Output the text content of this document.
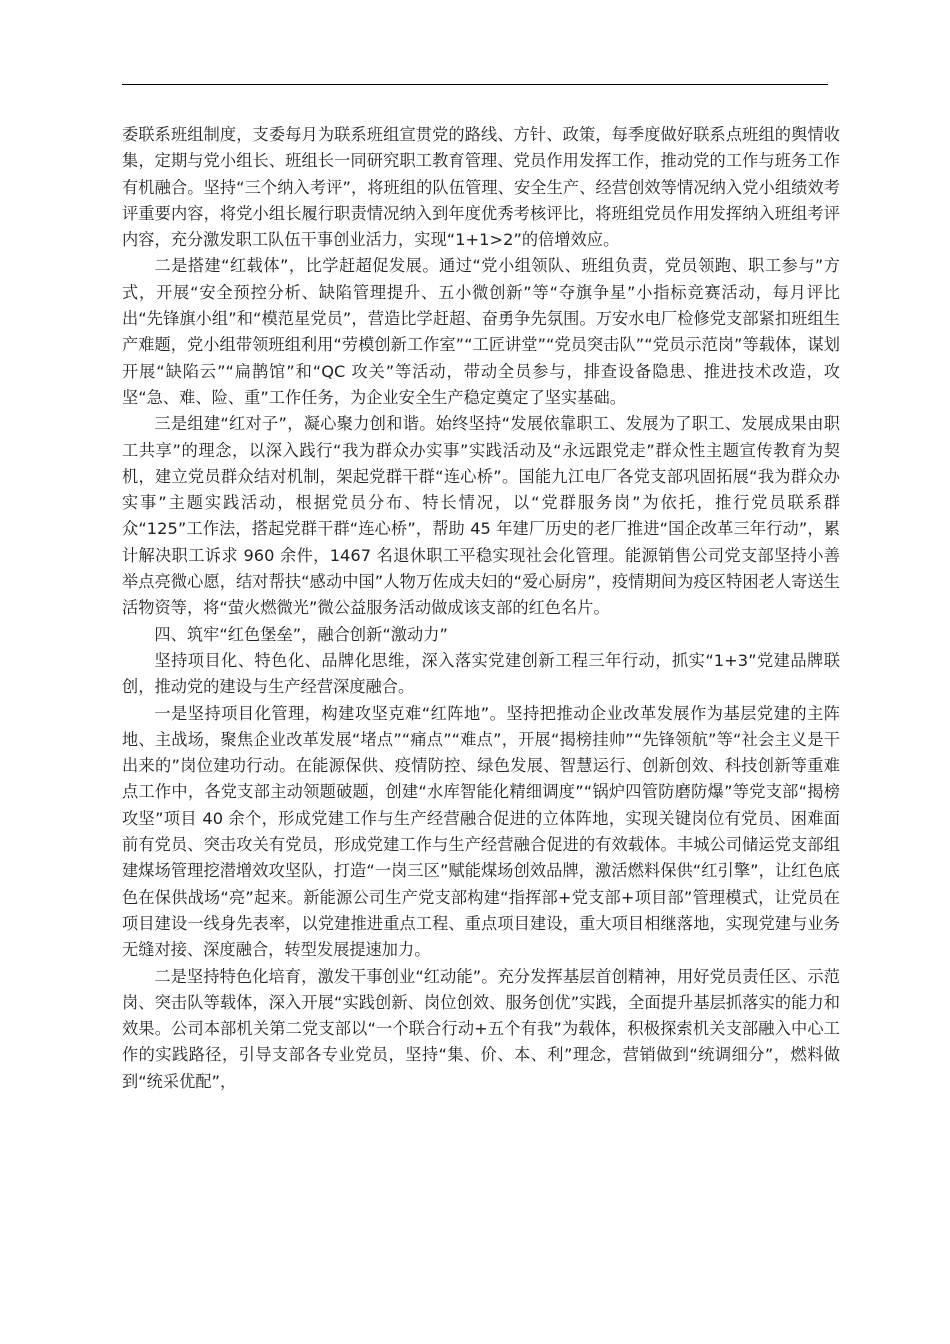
委联系班组制度，支委每月为联系班组宣贯党的路线、方针、政策，每季度做好联系点班组的舆情收集，定期与党小组长、班组长一同研究职工教育管理、党员作用发挥工作，推动党的工作与班务工作有机融合。坚持“三个纳入考评”，将班组的队伍管理、安全生产、经营创效等情况纳入党小组绩效考评重要内容，将党小组长履行职责情况纳入到年度优秀考核评比，将班组党员作用发挥纳入班组考评内容，充分激发职工队伍干事创业活力，实现“1+1>2”的倍增效应。

二是搭建“红载体”，比学赶超促发展。通过“党小组领队、班组负责，党员领跑、职工参与”方式，开展“安全预控分析、缺陷管理提升、五小微创新”等“夺旗争星”小指标竞赛活动，每月评比出“先锋旗小组”和“模范星党员”，营造比学赶超、奋勇争先氛围。万安水电厂检修党支部紧扣班组生产难题，党小组带领班组利用“劳模创新工作室”“工匠讲堂”“党员突击队”“党员示范岗”等载体，谋划开展“缺陷云”“扁鹊馆”和“QC 攻关”等活动，带动全员参与，排查设备隐患、推进技术改造，攻坚“急、难、险、重”工作任务，为企业安全生产稳定奠定了坚实基础。

三是组建“红对子”，凝心聚力创和谐。始终坚持“发展依靠职工、发展为了职工、发展成果由职工共享”的理念，以深入践行“我为群众办实事”实践活动及“永远跟党走”群众性主题宣传教育为契机，建立党员群众结对机制，架起党群干群“连心桥”。国能九江电厂各党支部巩固拓展“我为群众办实事”主题实践活动，根据党员分布、特长情况，以“党群服务岗”为依托，推行党员联系群众“125”工作法，搭起党群干群“连心桥”，帮助 45 年建厂历史的老厂推进“国企改革三年行动”，累计解决职工诉求 960 余件，1467 名退休职工平稳实现社会化管理。能源销售公司党支部坚持小善举点亮微心愿，结对帮扶“感动中国”人物万佐成夫妇的“爱心厨房”，疫情期间为疫区特困老人寄送生活物资等，将“萤火燃微光”微公益服务活动做成该支部的红色名片。

四、筑牢“红色堡垒”，融合创新“激动力”

坚持项目化、特色化、品牌化思维，深入落实党建创新工程三年行动，抓实“1+3”党建品牌联创，推动党的建设与生产经营深度融合。

一是坚持项目化管理，构建攻坚克难“红阵地”。坚持把推动企业改革发展作为基层党建的主阵地、主战场，聚焦企业改革发展“堵点”“痛点”“难点”，开展“揭榜挂帅”“先锋领航”等“社会主义是干出来的”岗位建功行动。在能源保供、疫情防控、绿色发展、智慧运行、创新创效、科技创新等重难点工作中，各党支部主动领题破题，创建“水库智能化精细调度”“锅炉四管防磨防爆”等党支部“揭榜攻坚”项目 40 余个，形成党建工作与生产经营融合促进的立体阵地，实现关键岗位有党员、困难面前有党员、突击攻关有党员，形成党建工作与生产经营融合促进的有效载体。丰城公司储运党支部组建煤场管理挖潜增效攻坚队，打造“一岗三区”赋能煤场创效品牌，激活燃料保供“红引擎”，让红色底色在保供战场“亮”起来。新能源公司生产党支部构建“指挥部+党支部+项目部”管理模式，让党员在项目建设一线身先表率，以党建推进重点工程、重点项目建设，重大项目相继落地，实现党建与业务无缝对接、深度融合，转型发展提速加力。

二是坚持特色化培育，激发干事创业“红动能”。充分发挥基层首创精神，用好党员责任区、示范岗、突击队等载体，深入开展“实践创新、岗位创效、服务创优”实践，全面提升基层抓落实的能力和效果。公司本部机关第二党支部以“一个联合行动+五个有我”为载体，积极探索机关支部融入中心工作的实践路径，引导支部各专业党员，坚持“集、价、本、利”理念，营销做到“统调细分”，燃料做到“统采优配”，
